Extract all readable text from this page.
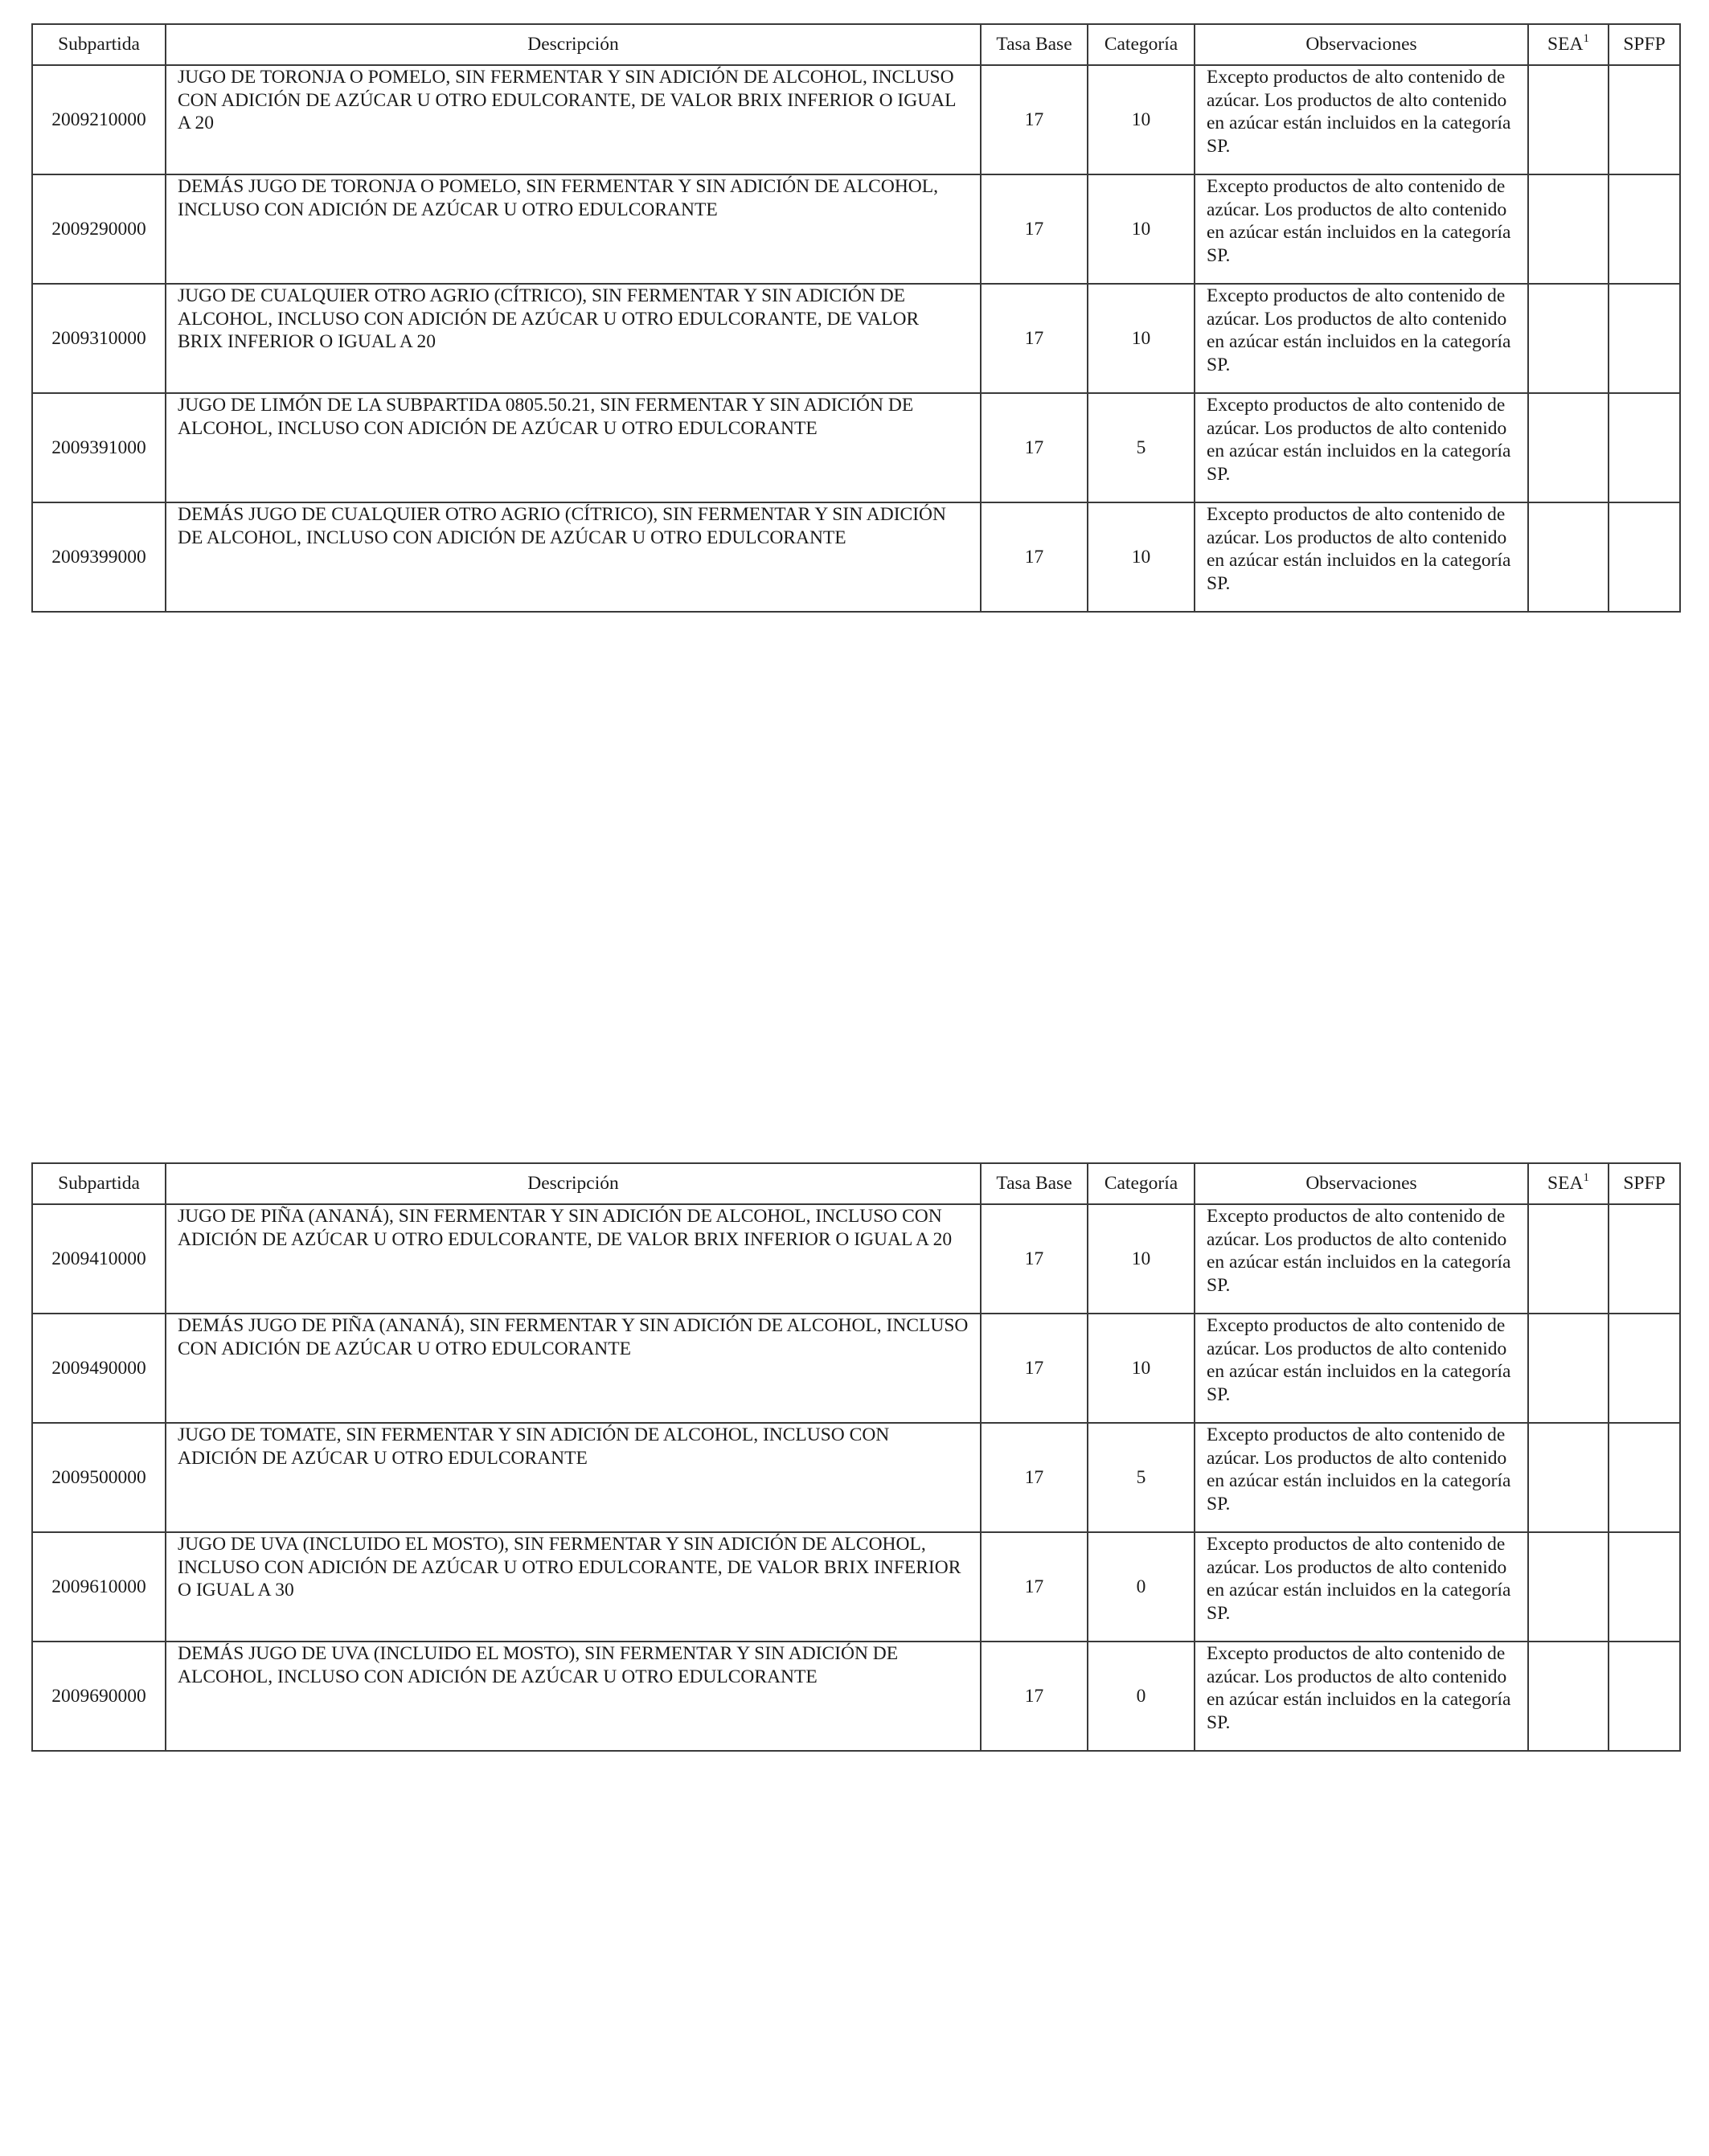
Subpartida	Descripción	Tasa Base	Categoría	Observaciones	SEA$^1$	SPFP
2009210000	JUGO DE TORONJA O POMELO, SIN FERMENTAR Y SIN ADICIÓN DE ALCOHOL, INCLUSO CON ADICIÓN DE AZÚCAR U OTRO EDULCORANTE, DE VALOR BRIX INFERIOR O IGUAL A 20	17	10	Excepto productos de alto contenido de azúcar. Los productos de alto contenido en azúcar están incluidos en la categoría SP.		
2009290000	DEMÁS JUGO DE TORONJA O POMELO, SIN FERMENTAR Y SIN ADICIÓN DE ALCOHOL, INCLUSO CON ADICIÓN DE AZÚCAR U OTRO EDULCORANTE	17	10	Excepto productos de alto contenido de azúcar. Los productos de alto contenido en azúcar están incluidos en la categoría SP.		
2009310000	JUGO DE CUALQUIER OTRO AGRIO (CÍTRICO), SIN FERMENTAR Y SIN ADICIÓN DE ALCOHOL, INCLUSO CON ADICIÓN DE AZÚCAR U OTRO EDULCORANTE, DE VALOR BRIX INFERIOR O IGUAL A 20	17	10	Excepto productos de alto contenido de azúcar. Los productos de alto contenido en azúcar están incluidos en la categoría SP.		
2009391000	JUGO DE LIMÓN DE LA SUBPARTIDA 0805.50.21, SIN FERMENTAR Y SIN ADICIÓN DE ALCOHOL, INCLUSO CON ADICIÓN DE AZÚCAR U OTRO EDULCORANTE	17	5	Excepto productos de alto contenido de azúcar. Los productos de alto contenido en azúcar están incluidos en la categoría SP.		
2009399000	DEMÁS JUGO DE CUALQUIER OTRO AGRIO (CÍTRICO), SIN FERMENTAR Y SIN ADICIÓN DE ALCOHOL, INCLUSO CON ADICIÓN DE AZÚCAR U OTRO EDULCORANTE	17	10	Excepto productos de alto contenido de azúcar. Los productos de alto contenido en azúcar están incluidos en la categoría SP.		
Subpartida	Descripción	Tasa Base	Categoría	Observaciones	SEA$^1$	SPFP
2009410000	JUGO DE PIÑA (ANANÁ), SIN FERMENTAR Y SIN ADICIÓN DE ALCOHOL, INCLUSO CON ADICIÓN DE AZÚCAR U OTRO EDULCORANTE, DE VALOR BRIX INFERIOR O IGUAL A 20	17	10	Excepto productos de alto contenido de azúcar. Los productos de alto contenido en azúcar están incluidos en la categoría SP.		
2009490000	DEMÁS JUGO DE PIÑA (ANANÁ), SIN FERMENTAR Y SIN ADICIÓN DE ALCOHOL, INCLUSO CON ADICIÓN DE AZÚCAR U OTRO EDULCORANTE	17	10	Excepto productos de alto contenido de azúcar. Los productos de alto contenido en azúcar están incluidos en la categoría SP.		
2009500000	JUGO DE TOMATE, SIN FERMENTAR Y SIN ADICIÓN DE ALCOHOL, INCLUSO CON ADICIÓN DE AZÚCAR U OTRO EDULCORANTE	17	5	Excepto productos de alto contenido de azúcar. Los productos de alto contenido en azúcar están incluidos en la categoría SP.		
2009610000	JUGO DE UVA (INCLUIDO EL MOSTO), SIN FERMENTAR Y SIN ADICIÓN DE ALCOHOL, INCLUSO CON ADICIÓN DE AZÚCAR U OTRO EDULCORANTE, DE VALOR BRIX INFERIOR O IGUAL A 30	17	0	Excepto productos de alto contenido de azúcar. Los productos de alto contenido en azúcar están incluidos en la categoría SP.		
2009690000	DEMÁS JUGO DE UVA (INCLUIDO EL MOSTO), SIN FERMENTAR Y SIN ADICIÓN DE ALCOHOL, INCLUSO CON ADICIÓN DE AZÚCAR U OTRO EDULCORANTE	17	0	Excepto productos de alto contenido de azúcar. Los productos de alto contenido en azúcar están incluidos en la categoría SP.		
